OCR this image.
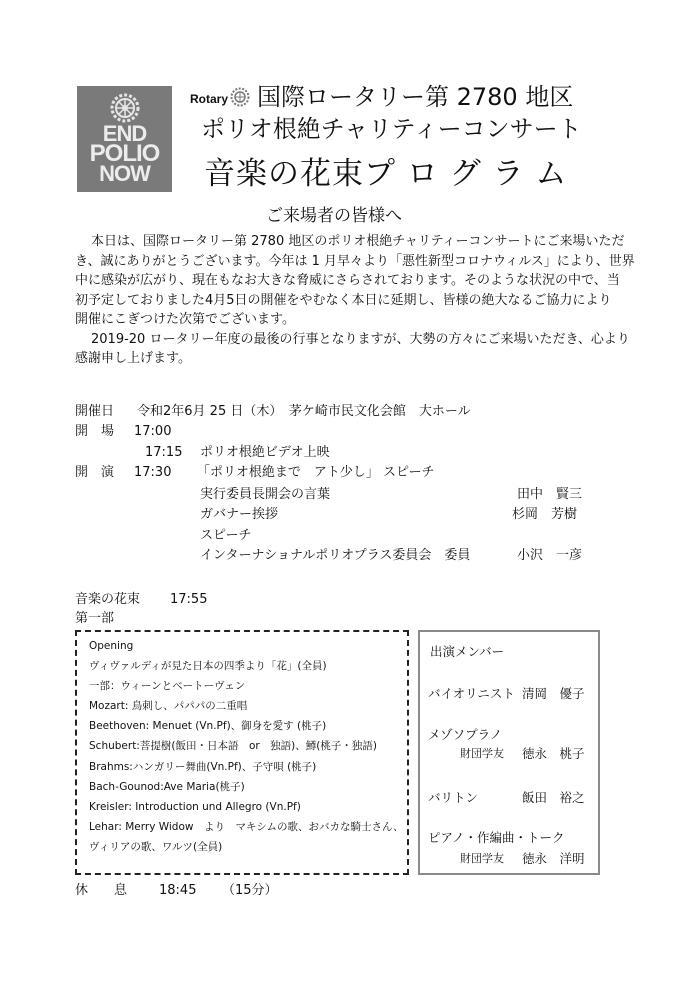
END
POLIO
NOW
Rotary 国際ロータリー第 2780 地区
ポリオ根絶チャリティーコンサート
音楽の花束プ ロ グ ラ ム
ご来場者の皆様へ
本日は、国際ロータリー第 2780 地区のポリオ根絶チャリティーコンサートにご来場いただ
き、誠にありがとうございます。今年は 1 月早々より「悪性新型コロナウィルス」により、世界
中に感染が広がり、現在もなお大きな脅威にさらされております。そのような状況の中で、当
初予定しておりました4月5日の開催をやむなく本日に延期し、皆様の絶大なるご協力により
開催にこぎつけた次第でございます。
2019-20 ロータリー年度の最後の行事となりますが、大勢の方々にご来場いただき、心より
感謝申し上げます。
開催日 令和2年6月 25 日（木）　茅ケ崎市民文化会館　大ホール
開　場 17:00
17:15 ポリオ根絶ビデオ上映
開　演 17:30 「ポリオ根絶まで　アト少し」 スピーチ
実行委員長開会の言葉	田中　賢三
ガバナー挨拶	杉岡　芳樹
スピーチ
インターナショナルポリオプラス委員会　委員	小沢　一彦
音楽の花束 17:55
第一部
Opening
ヴィヴァルディが見た日本の四季より「花」(全員)
一部：ウィーンとベートーヴェン
Mozart: 鳥刺し、パパパの二重唱
Beethoven: Menuet (Vn.Pf)、御身を愛す (桃子)
Schubert:菩提樹(飯田・日本語　or　独語)、鱒(桃子・独語)
Brahms:ハンガリー舞曲(Vn.Pf)、子守唄 (桃子)
Bach-Gounod:Ave Maria(桃子)
Kreisler: Introduction und Allegro (Vn.Pf)
Lehar: Merry Widow　より　マキシムの歌、おバカな騎士さん、
ヴィリアの歌、ワルツ(全員)
出演メンバー
バイオリニスト 清岡　優子
メゾソプラノ
財団学友 徳永　桃子
バリトン	飯田　裕之
ピアノ・作編曲・トーク
財団学友 徳永　洋明
休　　息 18:45 （15分）
